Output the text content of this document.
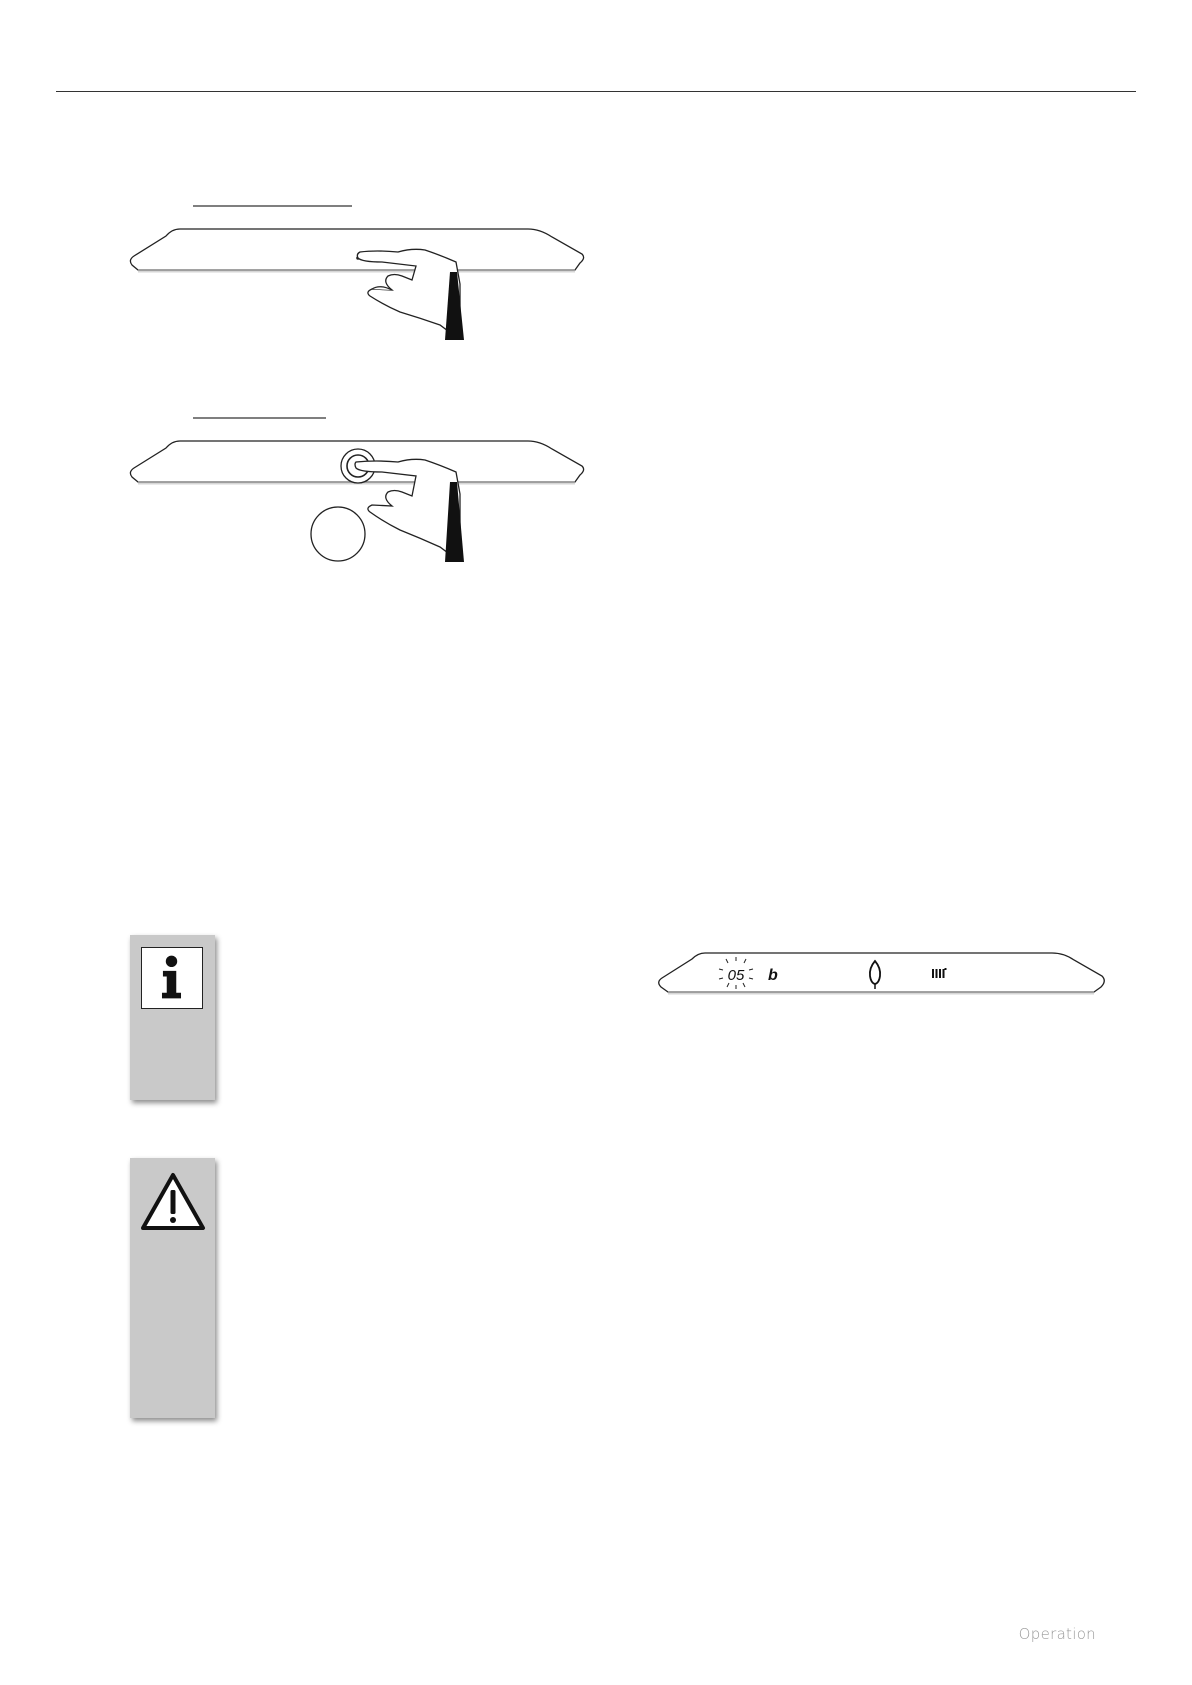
05 b
Operation
